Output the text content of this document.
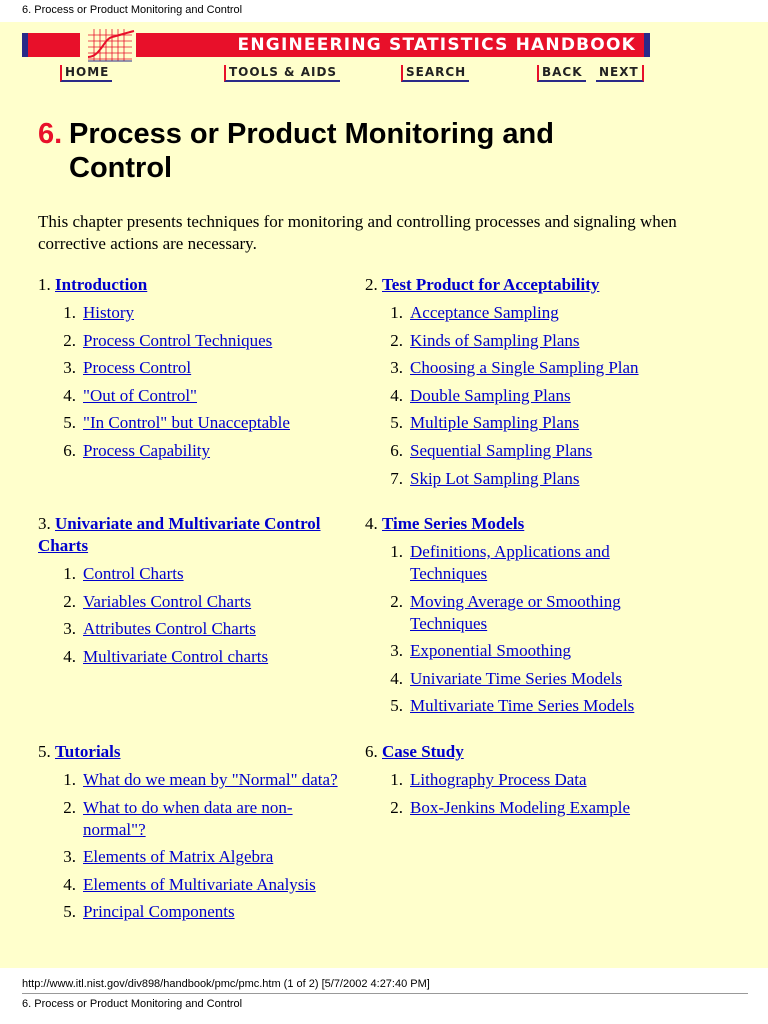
6. Process or Product Monitoring and Control
ENGINEERING STATISTICS HANDBOOK
HOME	TOOLS & AIDS	SEARCH	BACK NEXT
6. Process or Product Monitoring and
Control
This chapter presents techniques for monitoring and controlling processes and signaling when corrective actions are necessary.
1. Introduction
1. History
2. Process Control Techniques
3. Process Control
4. "Out of Control"
5. "In Control" but Unacceptable
6. Process Capability
2. Test Product for Acceptability
1. Acceptance Sampling
2. Kinds of Sampling Plans
3. Choosing a Single Sampling Plan
4. Double Sampling Plans
5. Multiple Sampling Plans
6. Sequential Sampling Plans
7. Skip Lot Sampling Plans
3. Univariate and Multivariate Control Charts
1. Control Charts
2. Variables Control Charts
3. Attributes Control Charts
4. Multivariate Control charts
4. Time Series Models
1. Definitions, Applications and Techniques
2. Moving Average or Smoothing Techniques
3. Exponential Smoothing
4. Univariate Time Series Models
5. Multivariate Time Series Models
5. Tutorials
1. What do we mean by "Normal" data?
2. What to do when data are non-normal"?
3. Elements of Matrix Algebra
4. Elements of Multivariate Analysis
5. Principal Components
6. Case Study
1. Lithography Process Data
2. Box-Jenkins Modeling Example
http://www.itl.nist.gov/div898/handbook/pmc/pmc.htm (1 of 2) [5/7/2002 4:27:40 PM]
6. Process or Product Monitoring and Control
